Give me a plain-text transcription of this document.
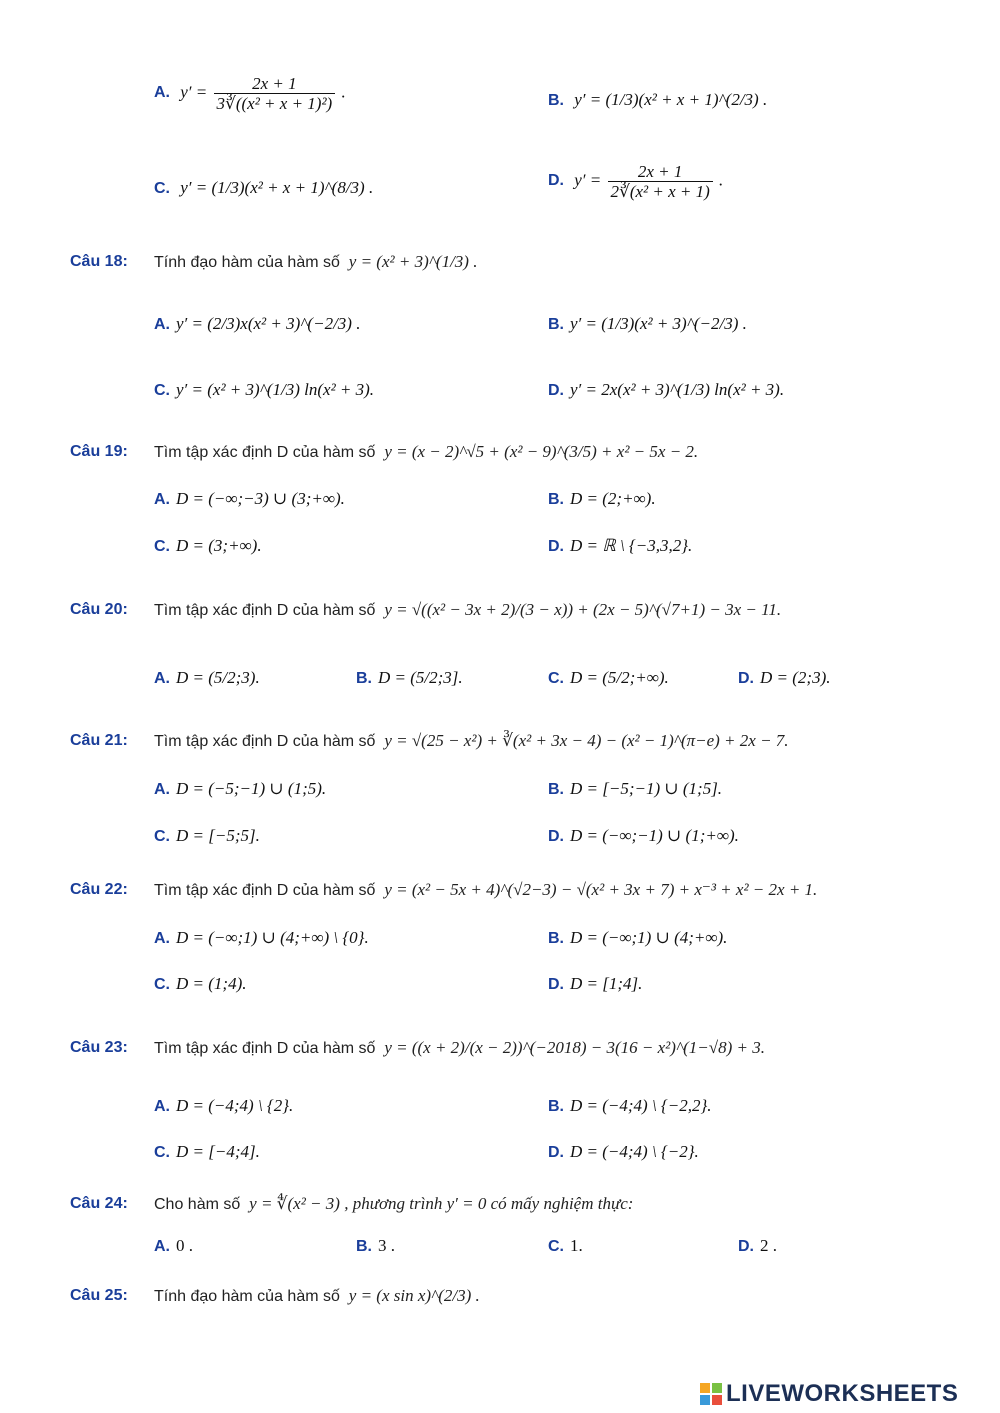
A. $y' = \frac{2x + 1}{\text{3∛((x² + x + 1)²)}}$ .	B. y′ = (1/3)(x² + x + 1)^(2/3) .
C. y′ = (1/3)(x² + x + 1)^(8/3) .	D. $y' = \frac{2x + 1}{\text{2∛(x² + x + 1)}}$ .
Câu 18: Tính đạo hàm của hàm số y = (x² + 3)^(1/3) .
A. y′ = (2/3)x(x² + 3)^(−2/3) .	B. y′ = (1/3)(x² + 3)^(−2/3) .
C. y′ = (x² + 3)^(1/3) ln(x² + 3).	D. y′ = 2x(x² + 3)^(1/3) ln(x² + 3).
Câu 19: Tìm tập xác định D của hàm số y = (x − 2)^√5 + (x² − 9)^(3/5) + x² − 5x − 2.
A. D = (−∞;−3) ∪ (3;+∞).	B. D = (2;+∞).
C. D = (3;+∞).	D. D = ℝ \ {−3,3,2}.
Câu 20: Tìm tập xác định D của hàm số y = √((x² − 3x + 2)/(3 − x)) + (2x − 5)^(√7+1) − 3x − 11.
A. D = (5/2;3).	B. D = (5/2;3].	C. D = (5/2;+∞).	D. D = (2;3).
Câu 21: Tìm tập xác định D của hàm số y = √(25 − x²) + ∛(x² + 3x − 4) − (x² − 1)^(π−e) + 2x − 7.
A. D = (−5;−1) ∪ (1;5).	B. D = [−5;−1) ∪ (1;5].
C. D = [−5;5].	D. D = (−∞;−1) ∪ (1;+∞).
Câu 22: Tìm tập xác định D của hàm số y = (x² − 5x + 4)^(√2−3) − √(x² + 3x + 7) + x⁻³ + x² − 2x + 1.
A. D = (−∞;1) ∪ (4;+∞) \ {0}.	B. D = (−∞;1) ∪ (4;+∞).
C. D = (1;4).	D. D = [1;4].
Câu 23: Tìm tập xác định D của hàm số y = ((x + 2)/(x − 2))^(−2018) − 3(16 − x²)^(1−√8) + 3.
A. D = (−4;4) \ {2}.	B. D = (−4;4) \ {−2,2}.
C. D = [−4;4].	D. D = (−4;4) \ {−2}.
Câu 24: Cho hàm số y = ∜(x² − 3) , phương trình y′ = 0 có mấy nghiệm thực:
A. 0 .	B. 3 .	C. 1.	D. 2 .
Câu 25: Tính đạo hàm của hàm số y = (x sin x)^(2/3) .
LIVEWORKSHEETS
